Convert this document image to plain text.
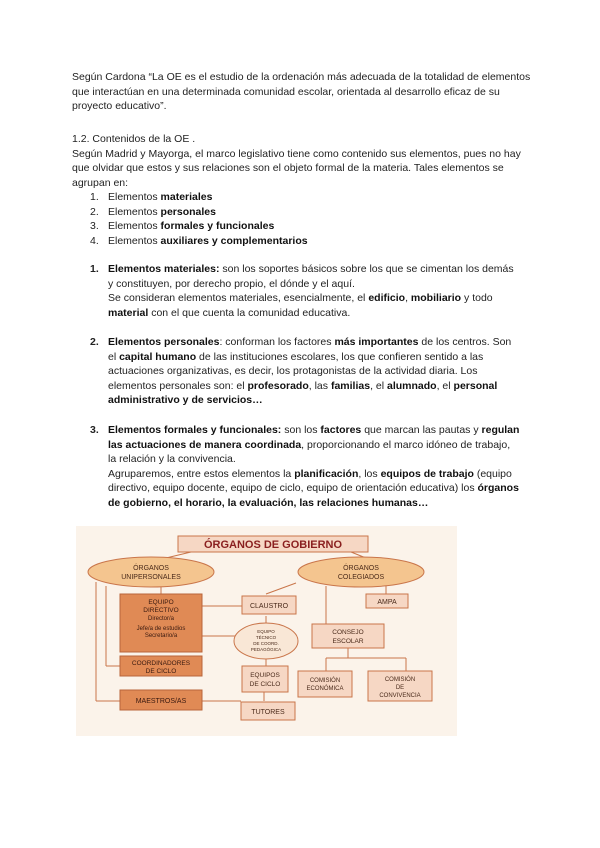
Según Cardona “La OE es el estudio de la ordenación más adecuada de la totalidad de elementos que interactúan en una determinada comunidad escolar, orientada al desarrollo eficaz de su proyecto educativo”.

1.2. Contenidos de la OE .

Según Madrid y Mayorga, el marco legislativo tiene como contenido sus elementos, pues no hay que olvidar que estos y sus relaciones son el objeto formal de la materia. Tales elementos se agrupan en:

1. Elementos materiales
2. Elementos personales
3. Elementos formales y funcionales
4. Elementos auxiliares y complementarios
1. Elementos materiales: son los soportes básicos sobre los que se cimentan los demás y constituyen, por derecho propio, el dónde y el aquí.

Se consideran elementos materiales, esencialmente, el edificio, mobiliario y todo material con el que cuenta la comunidad educativa.

2. Elementos personales: conforman los factores más importantes de los centros. Son el capital humano de las instituciones escolares, los que confieren sentido a las actuaciones organizativas, es decir, los protagonistas de la actividad diaria. Los elementos personales son: el profesorado, las familias, el alumnado, el personal administrativo y de servicios…

3. Elementos formales y funcionales: son los factores que marcan las pautas y regulan las actuaciones de manera coordinada, proporcionando el marco idóneo de trabajo, la relación y la convivencia.

Agruparemos, entre estos elementos la planificación, los equipos de trabajo (equipo directivo, equipo docente, equipo de ciclo, equipo de orientación educativa) los órganos de gobierno, el horario, la evaluación, las relaciones humanas…

ÓRGANOS DE GOBIERNO
ÓRGANOS
UNIPERSONALES
ÓRGANOS
COLEGIADOS
EQUIPO
DIRECTIVO
Director/a
Jefe/a de estudios
Secretario/a
CLAUSTRO
AMPA
EQUIPO
TÉCNICO
DE COORD.
PEDAGÓGICA
CONSEJO
ESCOLAR
COORDINADORES
DE CICLO
EQUIPOS
DE CICLO	COMISIÓN
ECONÓMICA
COMISIÓN
DE
CONVIVENCIA
MAESTROS/AS
TUTORES
